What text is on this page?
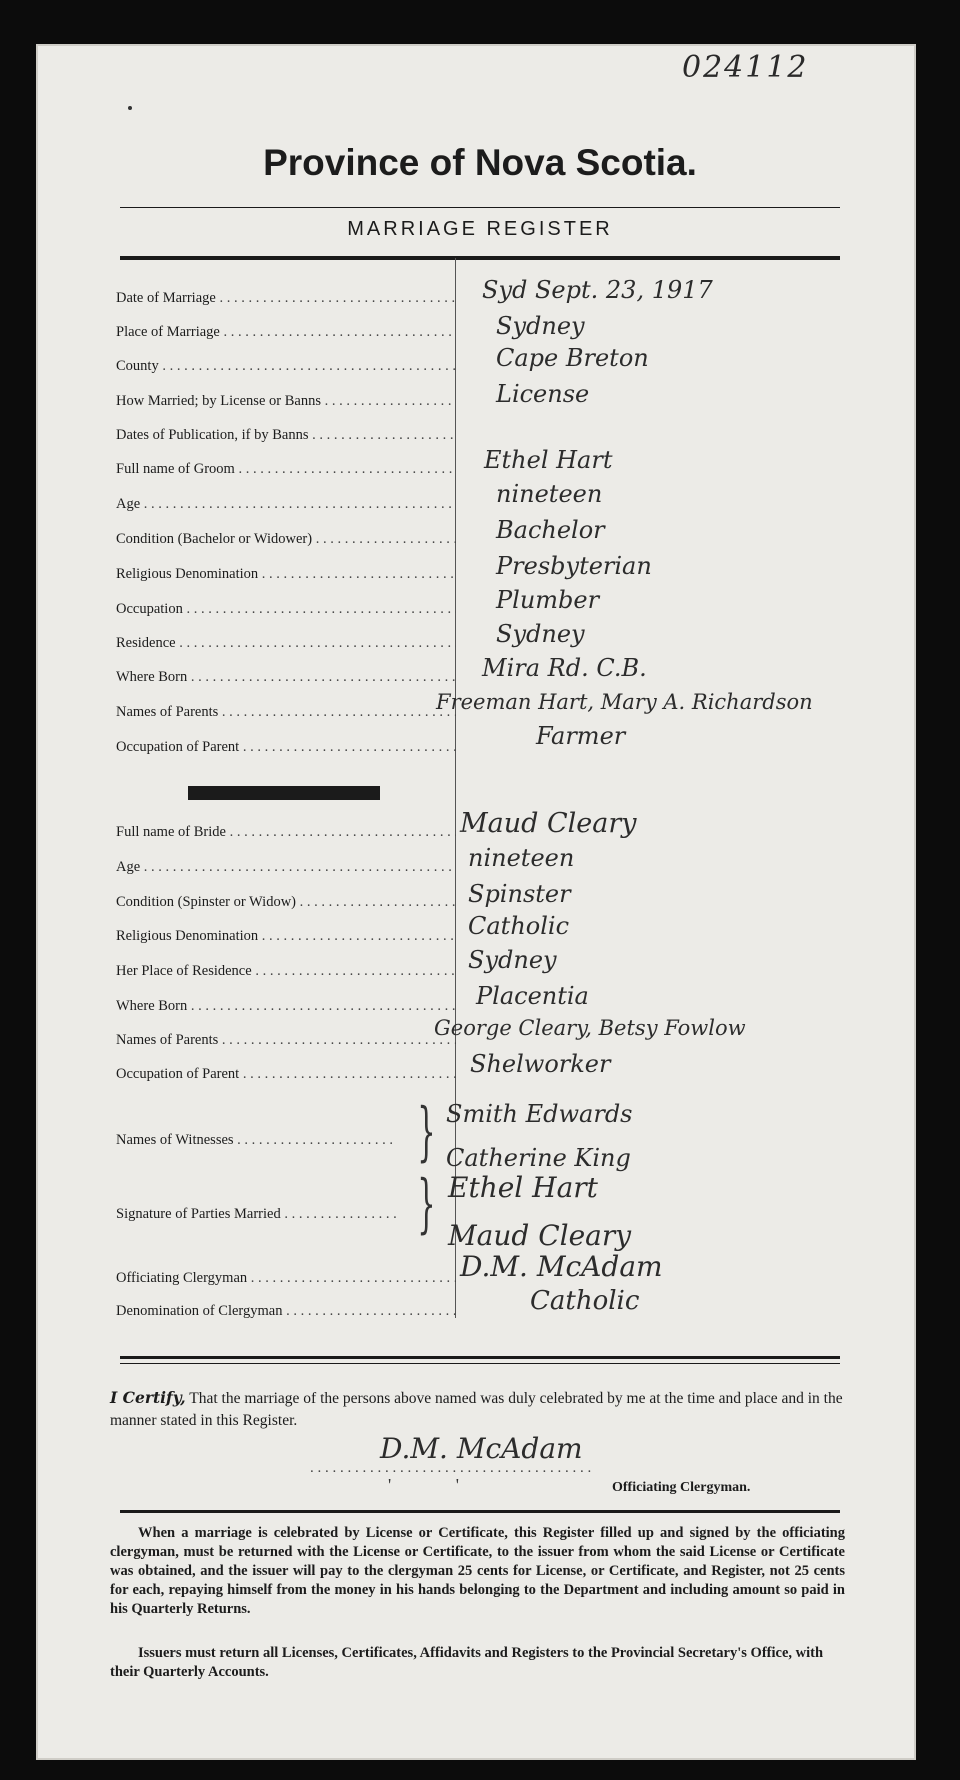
024112
Province of Nova Scotia.
MARRIAGE REGISTER
Date of Marriage . . .	Syd Sept. 23, 1917
Place of Marriage . . .	Sydney
County . . .	Cape Breton
How Married; by License or Banns . . .	License
Dates of Publication, if by Banns . . .
Full name of Groom . . .	Ethel Hart
Age . . .	nineteen
Condition (Bachelor or Widower) . . .	Bachelor
Religious Denomination . . .	Presbyterian
Occupation . . .	Plumber
Residence . . .	Sydney
Where Born . . .	Mira Rd. C.B.
Names of Parents . . .	Freeman Hart, Mary A. Richardson
Occupation of Parent . . .	Farmer
Full name of Bride . . .	Maud Cleary
Age . . .	nineteen
Condition (Spinster or Widow) . . .	Spinster
Religious Denomination . . .	Catholic
Her Place of Residence . . .	Sydney
Where Born . . .	Placentia
Names of Parents . . .	George Cleary, Betsy Fowlow
Occupation of Parent . . .	Shelworker
Names of Witnesses . . .	} Smith Edwards
Catherine King
Signature of Parties Married . . .	} Ethel Hart
Maud Cleary
Officiating Clergyman . . .	D.M. McAdam
Denomination of Clergyman . . .	Catholic
I Certify, That the marriage of the persons above named was duly celebrated by me at the time and place and in the manner stated in this Register.
D.M. McAdam
. . . . . . . . . . . . . . . . . . . . . . . . . . . . . . . . . . . . . .
' '	Officiating Clergyman.

When a marriage is celebrated by License or Certificate, this Register filled up and signed by the officiating clergyman, must be returned with the License or Certificate, to the issuer from whom the said License or Certificate was obtained, and the issuer will pay to the clergyman 25 cents for License, or Certificate, and Register, not 25 cents for each, repaying himself from the money in his hands belonging to the Department and including amount so paid in his Quarterly Returns.

Issuers must return all Licenses, Certificates, Affidavits and Registers to the Provincial Secretary's Office, with their Quarterly Accounts.
